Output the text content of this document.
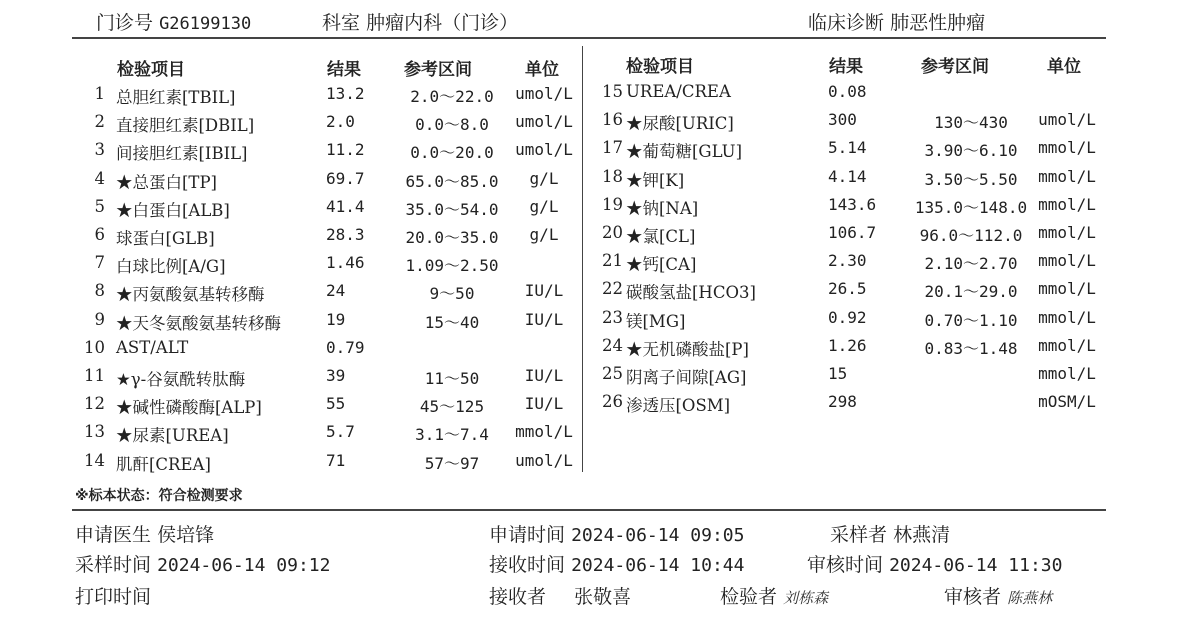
门诊号 G26199130	科室 肿瘤内科（门诊）	临床诊断 肺恶性肿瘤
检验项目	结果	参考区间	单位	检验项目	结果	参考区间	单位
1 总胆红素[TBIL]	13.2	2.0～22.0	umol/L
2 直接胆红素[DBIL]	2.0	0.0～8.0	umol/L
3 间接胆红素[IBIL]	11.2	0.0～20.0	umol/L
4 ★总蛋白[TP]	69.7	65.0～85.0	g/L
5 ★白蛋白[ALB]	41.4	35.0～54.0	g/L
6 球蛋白[GLB]	28.3	20.0～35.0	g/L
7 白球比例[A/G]	1.46	1.09～2.50
8 ★丙氨酸氨基转移酶	24	9～50	IU/L
9 ★天冬氨酸氨基转移酶	19	15～40	IU/L
10 AST/ALT	0.79
11 ★γ-谷氨酰转肽酶	39	11～50	IU/L
12 ★碱性磷酸酶[ALP]	55	45～125	IU/L
13 ★尿素[UREA]	5.7	3.1～7.4	mmol/L
14 肌酐[CREA]	71	57～97	umol/L
15 UREA/CREA	0.08
16 ★尿酸[URIC]	300	130～430	umol/L
17 ★葡萄糖[GLU]	5.14	3.90～6.10	mmol/L
18 ★钾[K]	4.14	3.50～5.50	mmol/L
19 ★钠[NA]	143.6	135.0～148.0 mmol/L
20 ★氯[CL]	106.7	96.0～112.0 mmol/L
21 ★钙[CA]	2.30	2.10～2.70	mmol/L
22 碳酸氢盐[HCO3]	26.5	20.1～29.0	mmol/L
23 镁[MG]	0.92	0.70～1.10	mmol/L
24 ★无机磷酸盐[P]	1.26	0.83～1.48	mmol/L
25 阴离子间隙[AG]	15	mmol/L
26 渗透压[OSM]	298	mOSM/L
※标本状态：符合检测要求
申请医生 侯培锋	申请时间 2024-06-14 09:05	采样者 林燕清
采样时间 2024-06-14 09:12	接收时间 2024-06-14 10:44	审核时间 2024-06-14 11:30
打印时间	接收者 张敬喜	检验者 刘栋森	审核者 陈燕林
